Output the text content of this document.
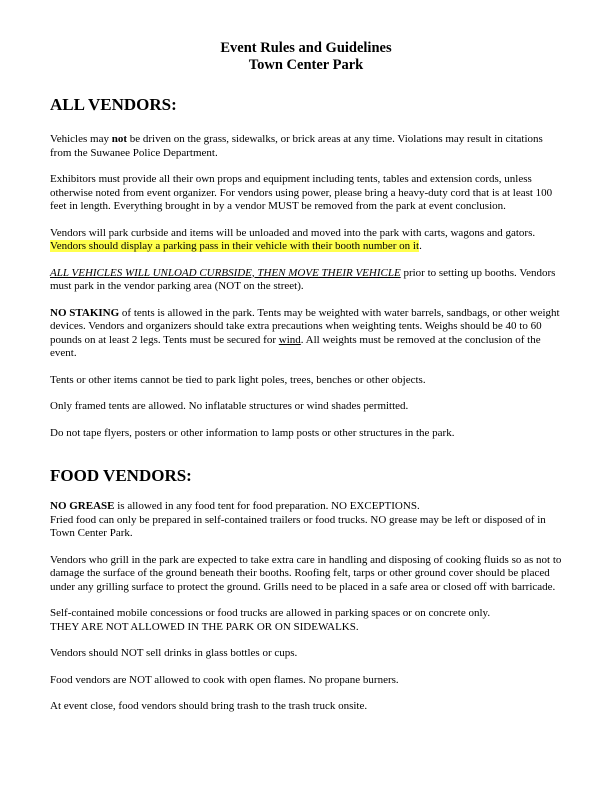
Event Rules and Guidelines
Town Center Park
ALL VENDORS:

Vehicles may not be driven on the grass, sidewalks, or brick areas at any time. Violations may result in citations from the Suwanee Police Department.

Exhibitors must provide all their own props and equipment including tents, tables and extension cords, unless otherwise noted from event organizer. For vendors using power, please bring a heavy-duty cord that is at least 100 feet in length. Everything brought in by a vendor MUST be removed from the park at event conclusion.

Vendors will park curbside and items will be unloaded and moved into the park with carts, wagons and gators. Vendors should display a parking pass in their vehicle with their booth number on it.

ALL VEHICLES WILL UNLOAD CURBSIDE, THEN MOVE THEIR VEHICLE prior to setting up booths. Vendors must park in the vendor parking area (NOT on the street).

NO STAKING of tents is allowed in the park. Tents may be weighted with water barrels, sandbags, or other weight devices. Vendors and organizers should take extra precautions when weighting tents. Weighs should be 40 to 60 pounds on at least 2 legs. Tents must be secured for wind. All weights must be removed at the conclusion of the event.

Tents or other items cannot be tied to park light poles, trees, benches or other objects.

Only framed tents are allowed. No inflatable structures or wind shades permitted.

Do not tape flyers, posters or other information to lamp posts or other structures in the park.

FOOD VENDORS:

NO GREASE is allowed in any food tent for food preparation. NO EXCEPTIONS.
Fried food can only be prepared in self-contained trailers or food trucks. NO grease may be left or disposed of in Town Center Park.

Vendors who grill in the park are expected to take extra care in handling and disposing of cooking fluids so as not to damage the surface of the ground beneath their booths. Roofing felt, tarps or other ground cover should be placed under any grilling surface to protect the ground. Grills need to be placed in a safe area or closed off with barricade.

Self-contained mobile concessions or food trucks are allowed in parking spaces or on concrete only.
THEY ARE NOT ALLOWED IN THE PARK OR ON SIDEWALKS.

Vendors should NOT sell drinks in glass bottles or cups.

Food vendors are NOT allowed to cook with open flames. No propane burners.

At event close, food vendors should bring trash to the trash truck onsite.
